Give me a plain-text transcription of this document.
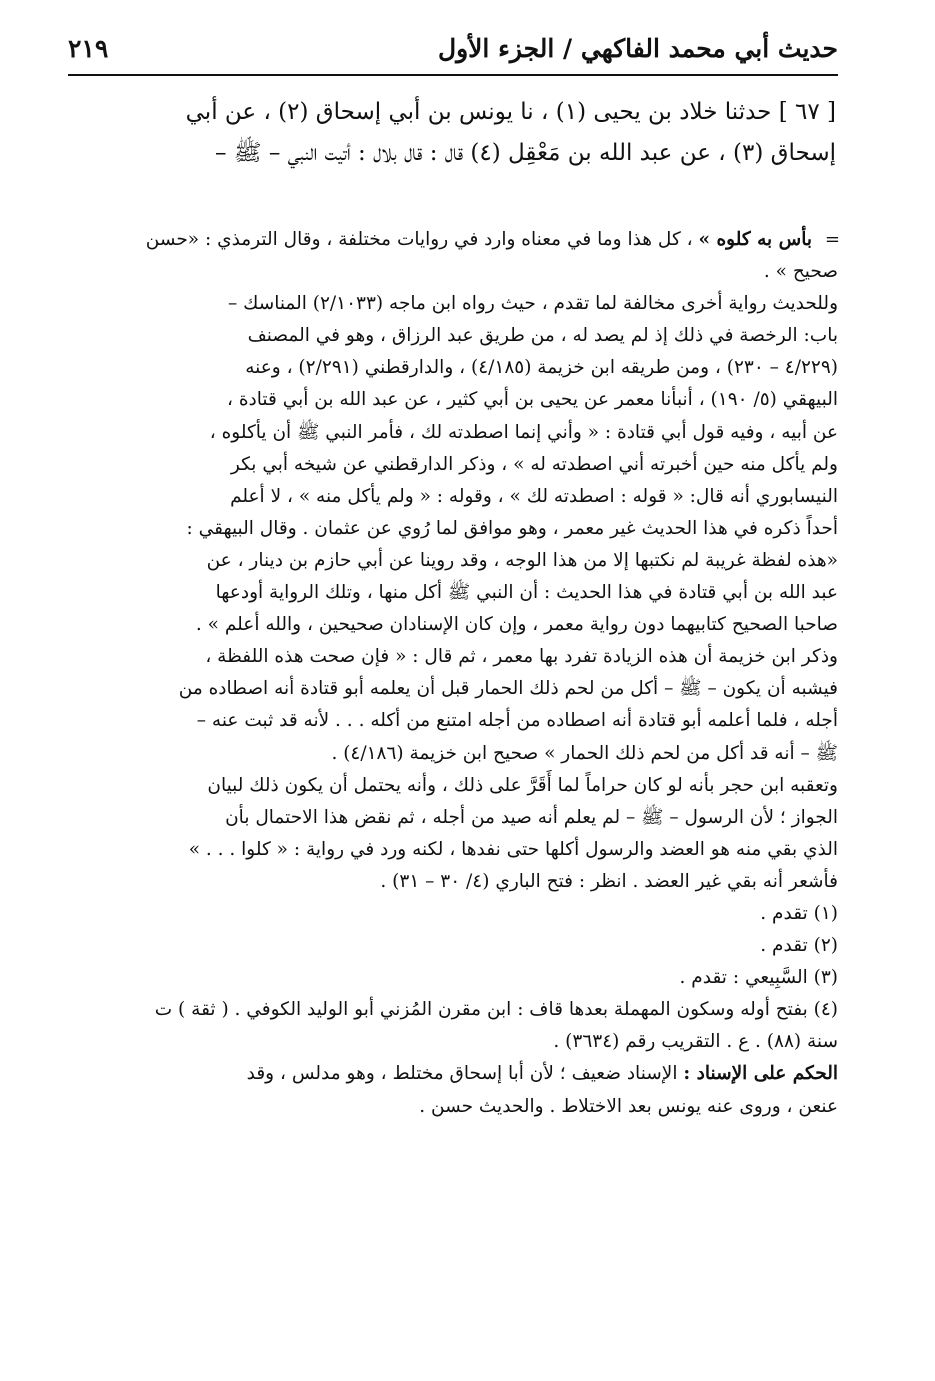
حديث أبي محمد الفاكهي / الجزء الأول
٢١٩
[ ٦٧ ] حدثنا خلاد بن يحيى (١) ، نا يونس بن أبي إسحاق (٢) ، عن أبي
إسحاق (٣) ، عن عبد الله بن مَعْقِل (٤) قال : قال بلال : أتيت النبي – ﷺ –
=
بأس به كلوه » ، كل هذا وما في معناه وارد في روايات مختلفة ، وقال الترمذي : «حسن
صحيح » .
وللحديث رواية أخرى مخالفة لما تقدم ، حيث رواه ابن ماجه (٢/١٠٣٣) المناسك –
باب: الرخصة في ذلك إذ لم يصد له ، من طريق عبد الرزاق ، وهو في المصنف
(٤/٢٢٩ – ٢٣٠) ، ومن طريقه ابن خزيمة (٤/١٨٥) ، والدارقطني (٢/٢٩١) ، وعنه
البيهقي (٥/ ١٩٠) ، أنبأنا معمر عن يحيى بن أبي كثير ، عن عبد الله بن أبي قتادة ،
عن أبيه ، وفيه قول أبي قتادة : « وأني إنما اصطدته لك ، فأمر النبي ﷺ أن يأكلوه ،
ولم يأكل منه حين أخبرته أني اصطدته له » ، وذكر الدارقطني عن شيخه أبي بكر
النيسابوري أنه قال: « قوله : اصطدته لك » ، وقوله : « ولم يأكل منه » ، لا أعلم
أحداً ذكره في هذا الحديث غير معمر ، وهو موافق لما رُوي عن عثمان . وقال البيهقي :
«هذه لفظة غريبة لم نكتبها إلا من هذا الوجه ، وقد روينا عن أبي حازم بن دينار ، عن
عبد الله بن أبي قتادة في هذا الحديث : أن النبي ﷺ أكل منها ، وتلك الرواية أودعها
صاحبا الصحيح كتابيهما دون رواية معمر ، وإن كان الإسنادان صحيحين ، والله أعلم » .
وذكر ابن خزيمة أن هذه الزيادة تفرد بها معمر ، ثم قال : « فإن صحت هذه اللفظة ،
فيشبه أن يكون – ﷺ – أكل من لحم ذلك الحمار قبل أن يعلمه أبو قتادة أنه اصطاده من
أجله ، فلما أعلمه أبو قتادة أنه اصطاده من أجله امتنع من أكله . . . لأنه قد ثبت عنه –
ﷺ – أنه قد أكل من لحم ذلك الحمار » صحيح ابن خزيمة (٤/١٨٦) .
وتعقبه ابن حجر بأنه لو كان حراماً لما أَقَرَّ على ذلك ، وأنه يحتمل أن يكون ذلك لبيان
الجواز ؛ لأن الرسول – ﷺ – لم يعلم أنه صيد من أجله ، ثم نقض هذا الاحتمال بأن
الذي بقي منه هو العضد والرسول أكلها حتى نفدها ، لكنه ورد في رواية : « كلوا . . . »
فأشعر أنه بقي غير العضد . انظر : فتح الباري (٤/ ٣٠ – ٣١) .
(١) تقدم .
(٢) تقدم .
(٣) السَّبِيعي : تقدم .
(٤) بفتح أوله وسكون المهملة بعدها قاف : ابن مقرن المُزني أبو الوليد الكوفي . ( ثقة ) ت
سنة (٨٨) . ع . التقريب رقم (٣٦٣٤) .
الحكم على الإسناد : الإسناد ضعيف ؛ لأن أبا إسحاق مختلط ، وهو مدلس ، وقد
عنعن ، وروى عنه يونس بعد الاختلاط . والحديث حسن .
